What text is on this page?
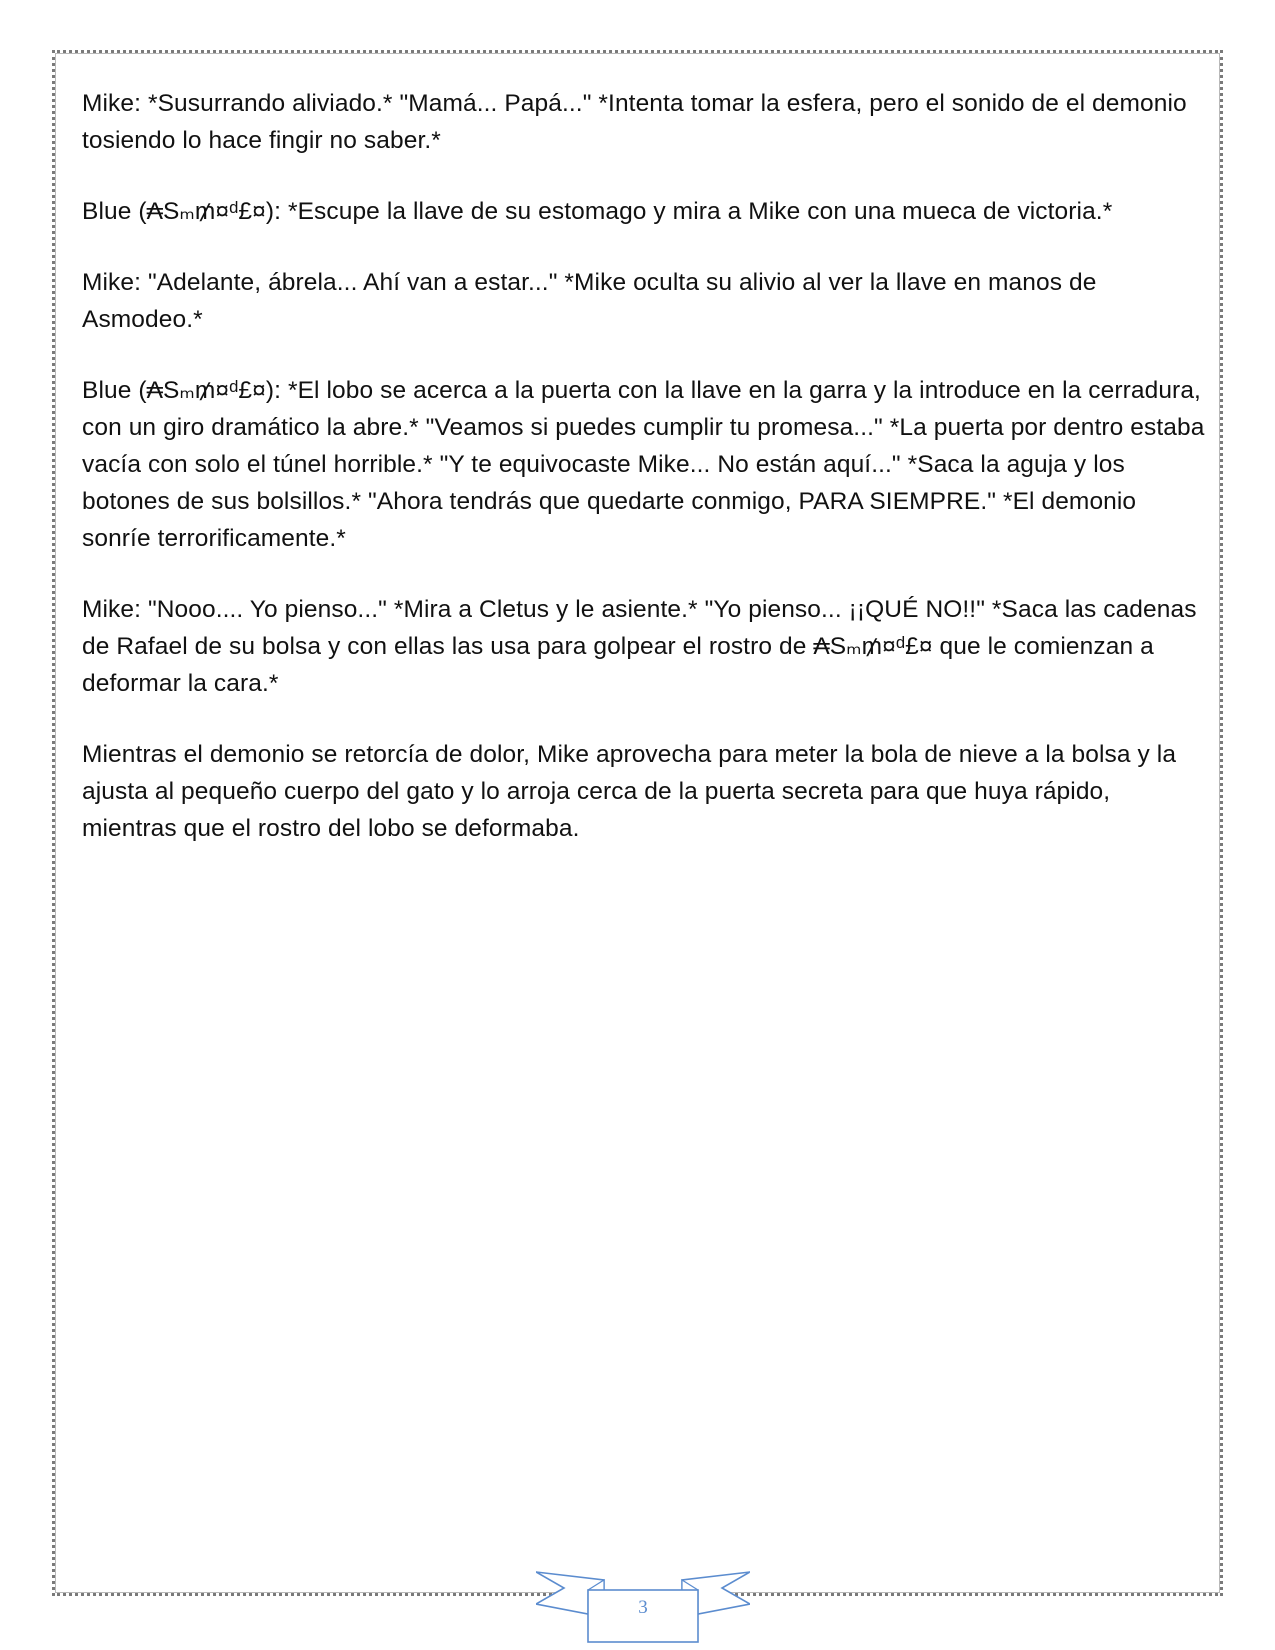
Mike: *Susurrando aliviado.* "Mamá... Papá..." *Intenta tomar la esfera, pero el sonido de el demonio tosiendo lo hace fingir no saber.*

Blue (₳Sₘ₥¤ᵈ£¤): *Escupe la llave de su estomago y mira a Mike con una mueca de victoria.*

Mike: "Adelante, ábrela... Ahí van a estar..." *Mike oculta su alivio al ver la llave en manos de Asmodeo.*

Blue (₳Sₘ₥¤ᵈ£¤): *El lobo se acerca a la puerta con la llave en la garra y la introduce en la cerradura, con un giro dramático la abre.* "Veamos si puedes cumplir tu promesa..." *La puerta por dentro estaba vacía con solo el túnel horrible.* "Y te equivocaste Mike... No están aquí..." *Saca la aguja y los botones de sus bolsillos.* "Ahora tendrás que quedarte conmigo, PARA SIEMPRE." *El demonio sonríe terrorificamente.*

Mike: "Nooo.... Yo pienso..." *Mira a Cletus y le asiente.* "Yo pienso... ¡¡QUÉ NO!!" *Saca las cadenas de Rafael de su bolsa y con ellas las usa para golpear el rostro de ₳Sₘ₥¤ᵈ£¤ que le comienzan a deformar la cara.*

Mientras el demonio se retorcía de dolor, Mike aprovecha para meter la bola de nieve a la bolsa y la ajusta al pequeño cuerpo del gato y lo arroja cerca de la puerta secreta para que huya rápido, mientras que el rostro del lobo se deformaba.

3
